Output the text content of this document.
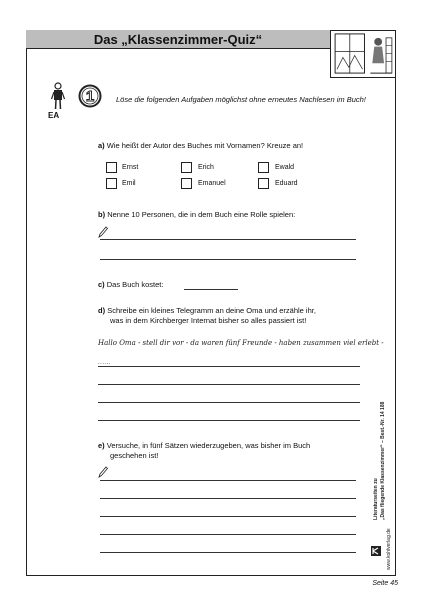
Das „Klassenzimmer-Quiz“
EA
1	Löse die folgenden Aufgaben möglichst ohne erneutes Nachlesen im Buch!
a) Wie heißt der Autor des Buches mit Vornamen? Kreuze an!
Ernst	Erich	Ewald
Emil	Emanuel	Eduard
b) Nenne 10 Personen, die in dem Buch eine Rolle spielen:
c) Das Buch kostet:
d) Schreibe ein kleines Telegramm an deine Oma und erzähle ihr,
was in dem Kirchberger Internat bisher so alles passiert ist!
Hallo Oma - stell dir vor - da waren fünf Freunde - haben zusammen viel erlebt -
......
e) Versuche, in fünf Sätzen wiederzugeben, was bisher im Buch
geschehen ist!
Literaturseiten zu „Das fliegende Klassenzimmer“ – Best.-Nr. 14 188
www.kohlverlag.de
Seite 45
